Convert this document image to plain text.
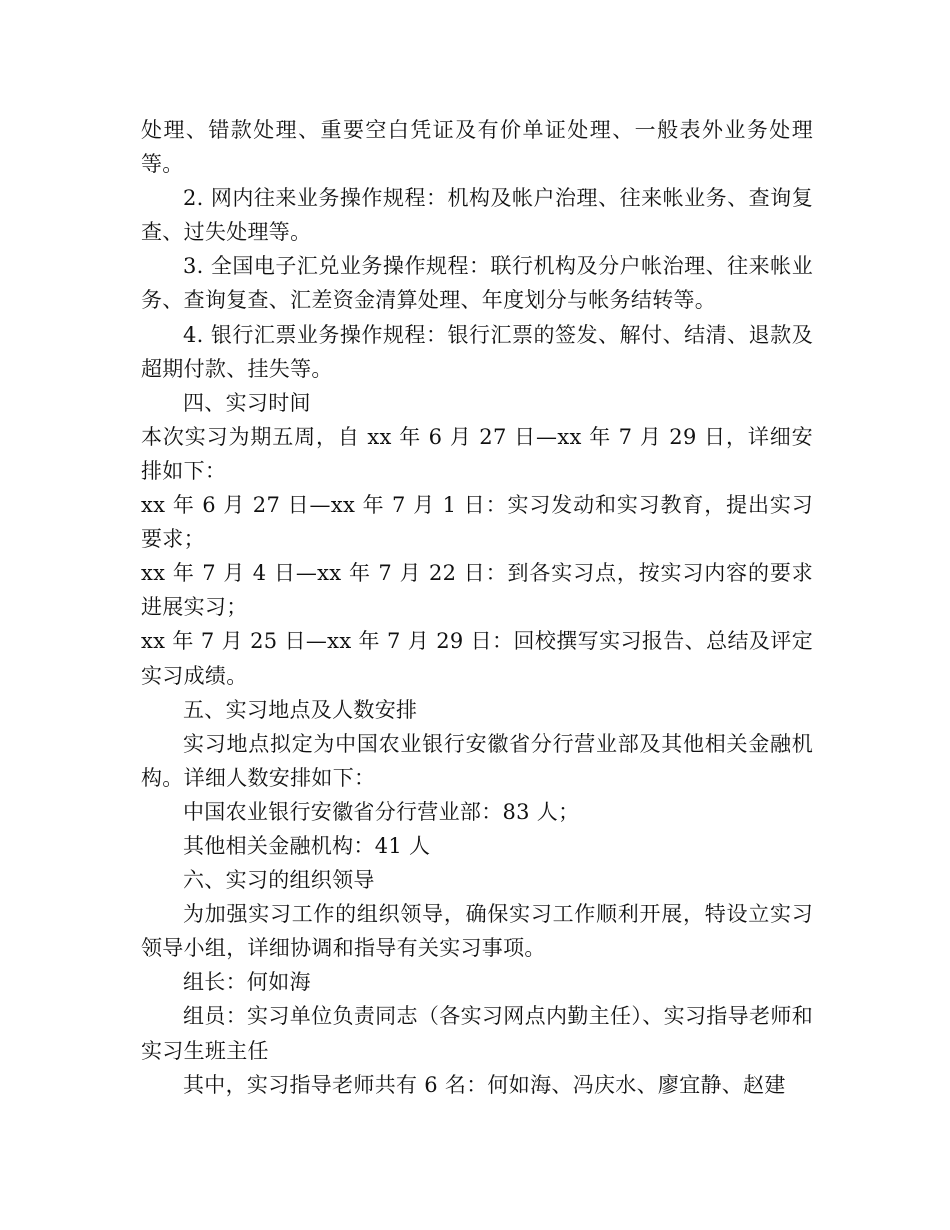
处理、错款处理、重要空白凭证及有价单证处理、一般表外业务处理等。

2. 网内往来业务操作规程：机构及帐户治理、往来帐业务、查询复查、过失处理等。

3. 全国电子汇兑业务操作规程：联行机构及分户帐治理、往来帐业务、查询复查、汇差资金清算处理、年度划分与帐务结转等。

4. 银行汇票业务操作规程：银行汇票的签发、解付、结清、退款及超期付款、挂失等。

四、实习时间

本次实习为期五周，自 xx 年 6 月 27 日—xx 年 7 月 29 日，详细安排如下：

xx 年 6 月 27 日—xx 年 7 月 1 日：实习发动和实习教育，提出实习要求；

xx 年 7 月 4 日—xx 年 7 月 22 日：到各实习点，按实习内容的要求进展实习；

xx 年 7 月 25 日—xx 年 7 月 29 日：回校撰写实习报告、总结及评定实习成绩。

五、实习地点及人数安排

实习地点拟定为中国农业银行安徽省分行营业部及其他相关金融机构。详细人数安排如下：

中国农业银行安徽省分行营业部：83 人；

其他相关金融机构：41 人

六、实习的组织领导

为加强实习工作的组织领导，确保实习工作顺利开展，特设立实习领导小组，详细协调和指导有关实习事项。

组长：何如海

组员：实习单位负责同志（各实习网点内勤主任）、实习指导老师和实习生班主任

其中，实习指导老师共有 6 名：何如海、冯庆水、廖宜静、赵建
